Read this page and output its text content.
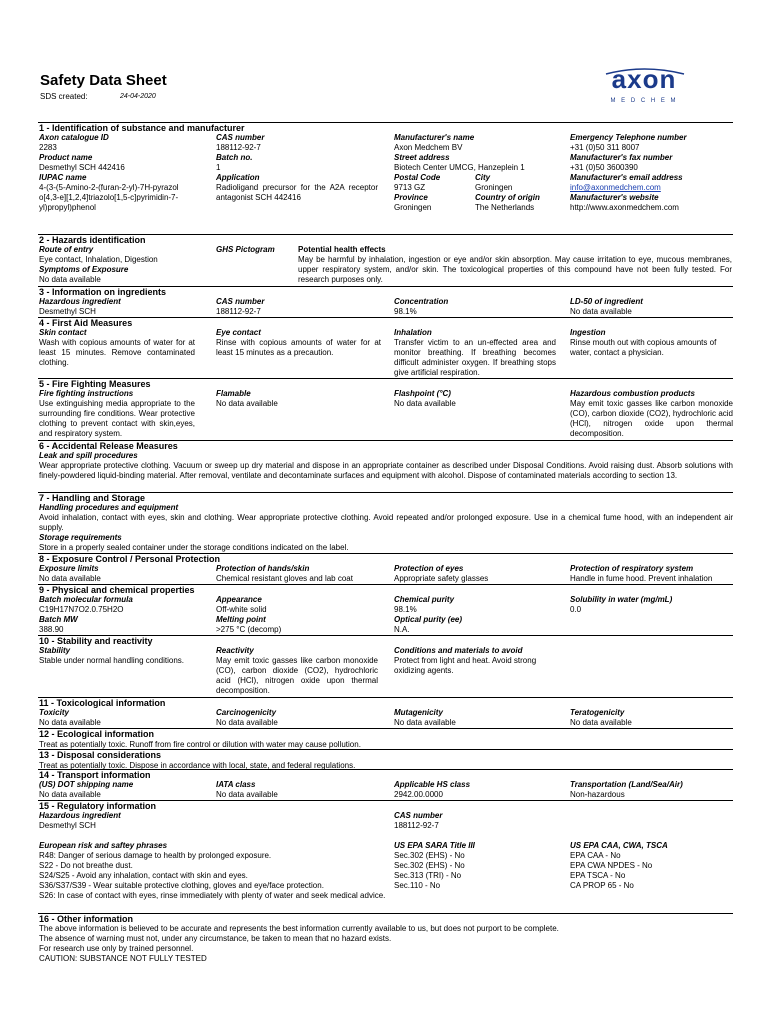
Safety Data Sheet
SDS created:	24-04-2020
axon
M E D C H E M
1 - Identification of substance and manufacturer
Axon catalogue ID
2283
Product name
Desmethyl SCH 442416
IUPAC name
4-(3-(5-Amino-2-(furan-2-yl)-7H-pyrazolo[4,3-e][1,2,4]triazolo[1,5-c]pyrimidin-7-yl)propyl)phenol
CAS number
188112-92-7
Batch no.
1
Application
Radioligand precursor for the A2A receptor antagonist SCH 442416
Manufacturer's name
Axon Medchem BV
Street address
Biotech Center UMCG, Hanzeplein 1
Postal Code
9713 GZ
Province
Groningen
City
Groningen
Country of origin
The Netherlands
Emergency Telephone number
+31 (0)50 311 8007
Manufacturer's fax number
+31 (0)50 3600390
Manufacturer's email address
info@axonmedchem.com
Manufacturer's website
http://www.axonmedchem.com
2 - Hazards identification
Route of entry
Eye contact, Inhalation, Digestion
Symptoms of Exposure
No data available
GHS Pictogram	Potential health effects
May be harmful by inhalation, ingestion or eye and/or skin absorption. May cause irritation to eye, mucous membranes, upper respiratory system, and/or skin. The toxicological properties of this compound have not been fully tested. For research purposes only.
3 - Information on ingredients
Hazardous ingredient
Desmethyl SCH
CAS number
188112-92-7
Concentration
98.1%
LD-50 of ingredient
No data available
4 - First Aid Measures
Skin contact
Wash with copious amounts of water for at least 15 minutes. Remove contaminated clothing.
Eye contact
Rinse with copious amounts of water for at least 15 minutes as a precaution.
Inhalation
Transfer victim to an un-effected area and monitor breathing. If breathing becomes difficult administer oxygen. If breathing stops give artificial respiration.
Ingestion
Rinse mouth out with copious amounts of water, contact a physician.
5 - Fire Fighting Measures
Fire fighting instructions
Use extinguishing media appropriate to the surrounding fire conditions. Wear protective clothing to prevent contact with skin,eyes, and respiratory system.
Flamable
No data available
Flashpoint (°C)
No data available
Hazardous combustion products
May emit toxic gasses like carbon monoxide (CO), carbon dioxide (CO2), hydrochloric acid (HCl), nitrogen oxide upon thermal decomposition.
6 - Accidental Release Measures
Leak and spill procedures
Wear appropriate protective clothing. Vacuum or sweep up dry material and dispose in an appropriate container as described under Disposal Conditions. Avoid raising dust. Absorb solutions with finely-powdered liquid-binding material. After removal, ventilate and decontaminate surfaces and equipment with alcohol. Dispose of contaminated materials according to section 13.
7 - Handling and Storage
Handling procedures and equipment
Avoid inhalation, contact with eyes, skin and clothing. Wear appropriate protective clothing. Avoid repeated and/or prolonged exposure. Use in a chemical fume hood, with an independent air supply.
Storage requirements
Store in a properly sealed container under the storage conditions indicated on the label.
8 - Exposure Control / Personal Protection
Exposure limits
No data available
Protection of hands/skin
Chemical resistant gloves and lab coat
Protection of eyes
Appropriate safety glasses
Protection of respiratory system
Handle in fume hood. Prevent inhalation
9 - Physical and chemical properties
Batch molecular formula
C19H17N7O2.0.75H2O
Batch MW
388.90
Appearance
Off-white solid
Melting point
>275 °C (decomp)
Chemical purity
98.1%
Optical purity (ee)
N.A.
Solubility in water (mg/mL)
0.0
10 - Stability and reactivity
Stability
Stable under normal handling conditions.
Reactivity
May emit toxic gasses like carbon monoxide (CO), carbon dioxide (CO2), hydrochloric acid (HCl), nitrogen oxide upon thermal decomposition.
Conditions and materials to avoid
Protect from light and heat. Avoid strong oxidizing agents.
11 - Toxicological information
Toxicity
No data available
Carcinogenicity
No data available
Mutagenicity
No data available
Teratogenicity
No data available
12 - Ecological information
Treat as potentially toxic. Runoff from fire control or dilution with water may cause pollution.
13 - Disposal considerations
Treat as potentially toxic. Dispose in accordance with local, state, and federal regulations.
14 - Transport information
(US) DOT shipping name
No data available
IATA class
No data available
Applicable HS class
2942.00.0000
Transportation (Land/Sea/Air)
Non-hazardous
15 - Regulatory information
Hazardous ingredient
Desmethyl SCH
CAS number
188112-92-7
European risk and saftey phrases
R48: Danger of serious damage to health by prolonged exposure.
S22 - Do not breathe dust.
S24/S25 - Avoid any inhalation, contact with skin and eyes.
S36/S37/S39 - Wear suitable protective clothing, gloves and eye/face protection.
S26: In case of contact with eyes, rinse immediately with plenty of water and seek medical advice.
US EPA SARA Title III
Sec.302 (EHS) - No
Sec.302 (EHS) - No
Sec.313 (TRI) - No
Sec.110 - No
US EPA CAA, CWA, TSCA
EPA CAA - No
EPA CWA NPDES - No
EPA TSCA - No
CA PROP 65 - No
16 - Other information
The above information is believed to be accurate and represents the best information currently available to us, but does not purport to be complete.
The absence of warning must not, under any circumstance, be taken to mean that no hazard exists.
For research use only by trained personnel.
CAUTION: SUBSTANCE NOT FULLY TESTED
